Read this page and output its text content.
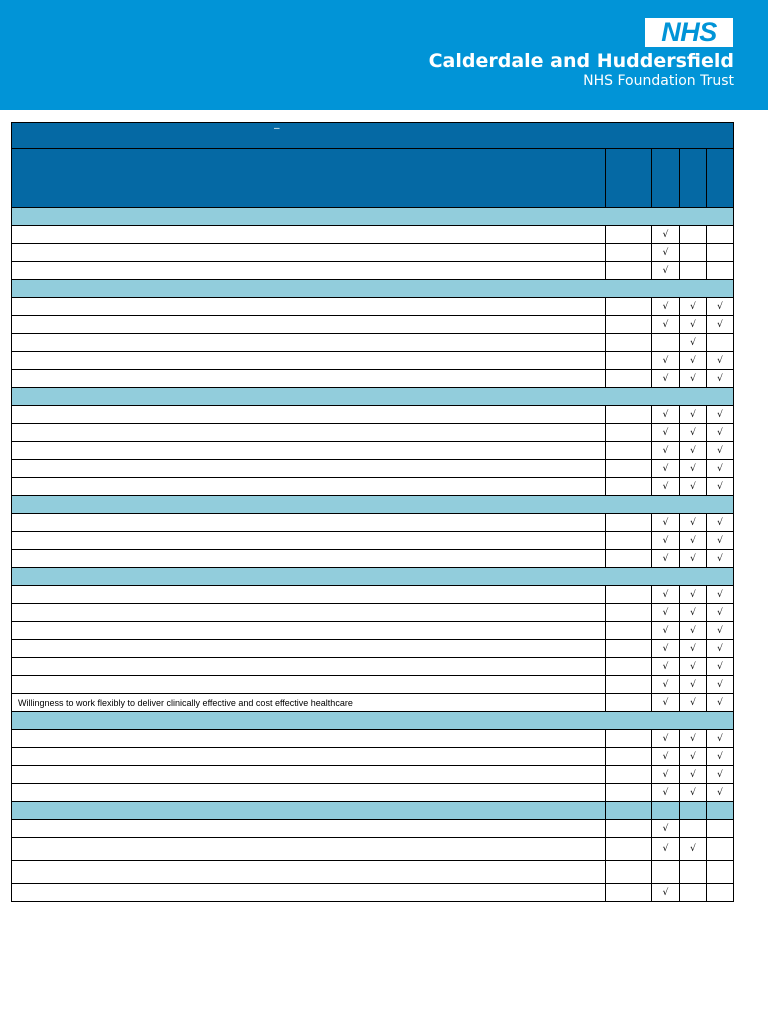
NHS
Calderdale and Huddersfield
NHS Foundation Trust
–				

		√		
		√		
		√		

		√	√	√
		√	√	√
			√	
		√	√	√
		√	√	√

		√	√	√
		√	√	√
		√	√	√
		√	√	√
		√	√	√

		√	√	√
		√	√	√
		√	√	√

		√	√	√
		√	√	√
		√	√	√
		√	√	√
		√	√	√
		√	√	√
Willingness to work flexibly to deliver clinically effective and cost effective healthcare		√	√	√

		√	√	√
		√	√	√
		√	√	√
		√	√	√

		√		
		√	√	

		√		
